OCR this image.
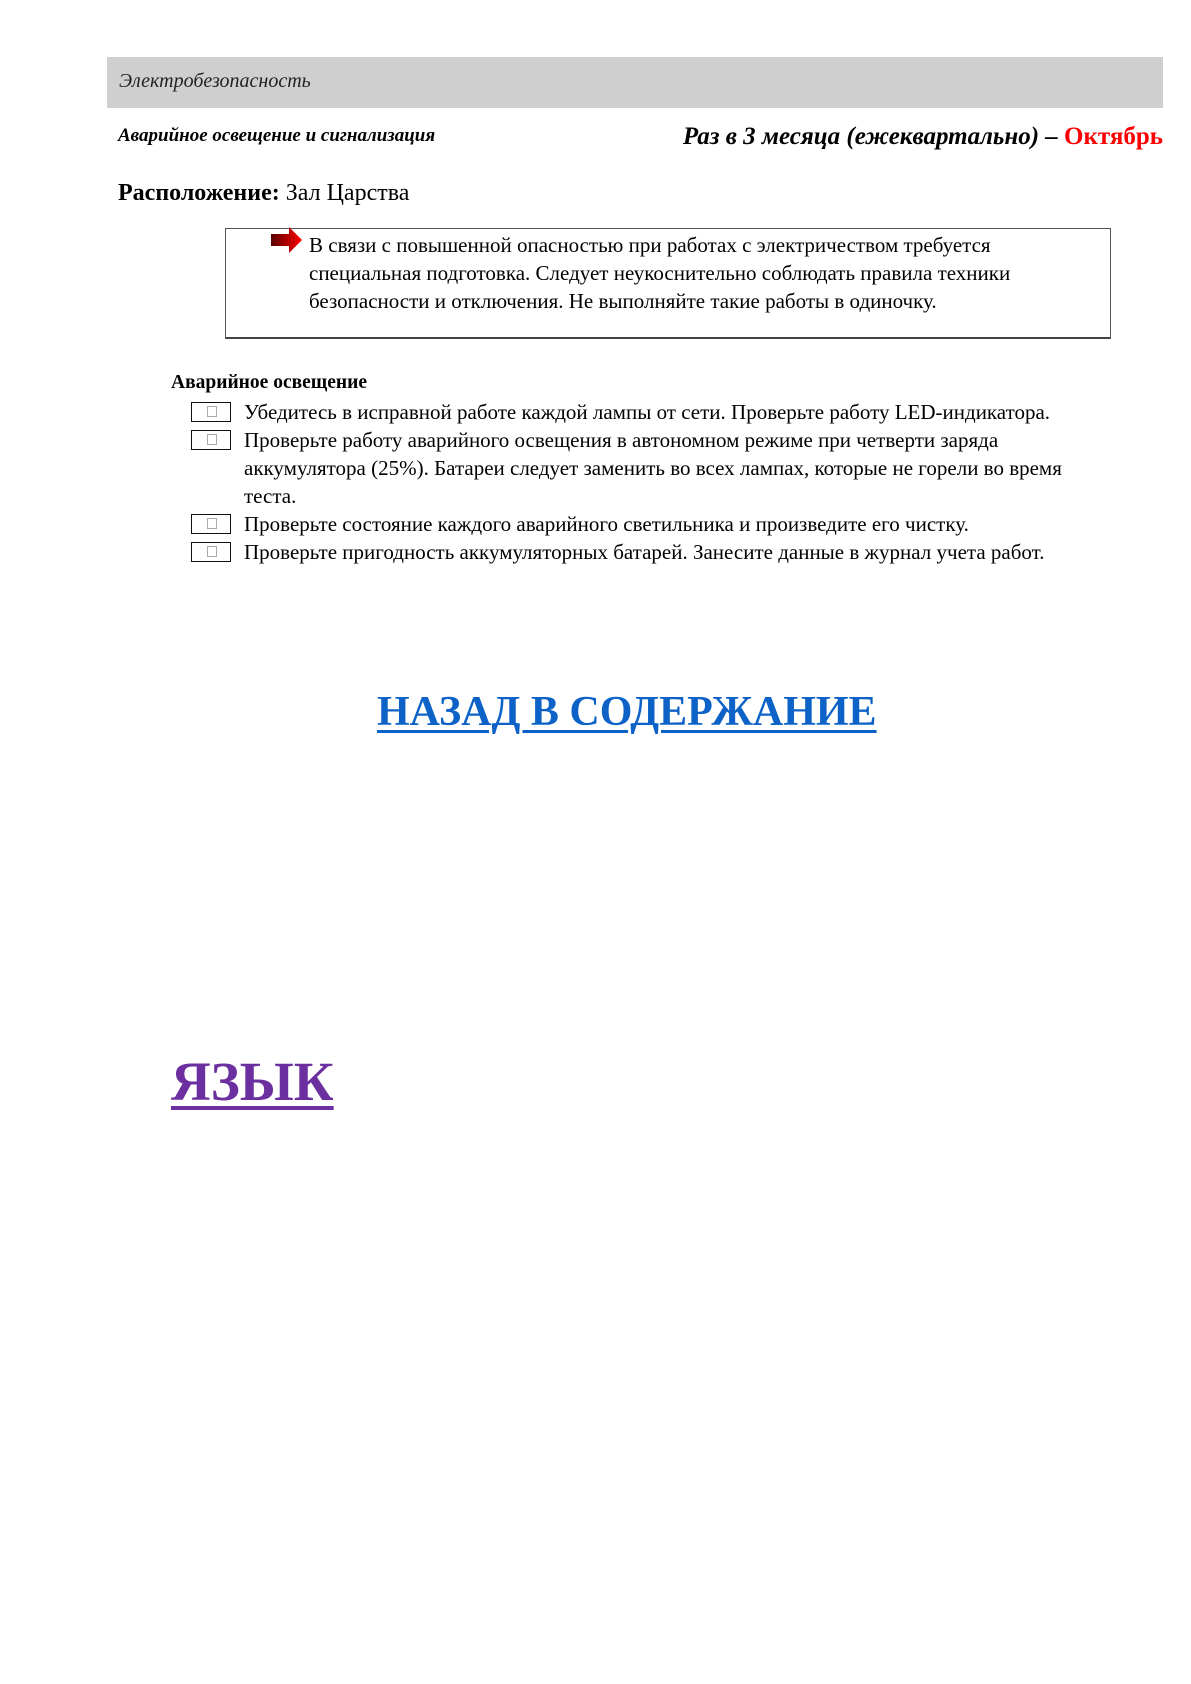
Электробезопасность
Аварийное освещение и сигнализация	Раз в 3 месяца (ежеквартально) – Октябрь
Расположение: Зал Царства
В связи с повышенной опасностью при работах с электричеством требуется специальная подготовка. Следует неукоснительно соблюдать правила техники безопасности и отключения. Не выполняйте такие работы в одиночку.
Аварийное освещение
Убедитесь в исправной работе каждой лампы от сети. Проверьте работу LED-индикатора.
Проверьте работу аварийного освещения в автономном режиме при четверти заряда аккумулятора (25%). Батареи следует заменить во всех лампах, которые не горели во время теста.
Проверьте состояние каждого аварийного светильника и произведите его чистку.
Проверьте пригодность аккумуляторных батарей. Занесите данные в журнал учета работ.
НАЗАД В СОДЕРЖАНИЕ
ЯЗЫК
